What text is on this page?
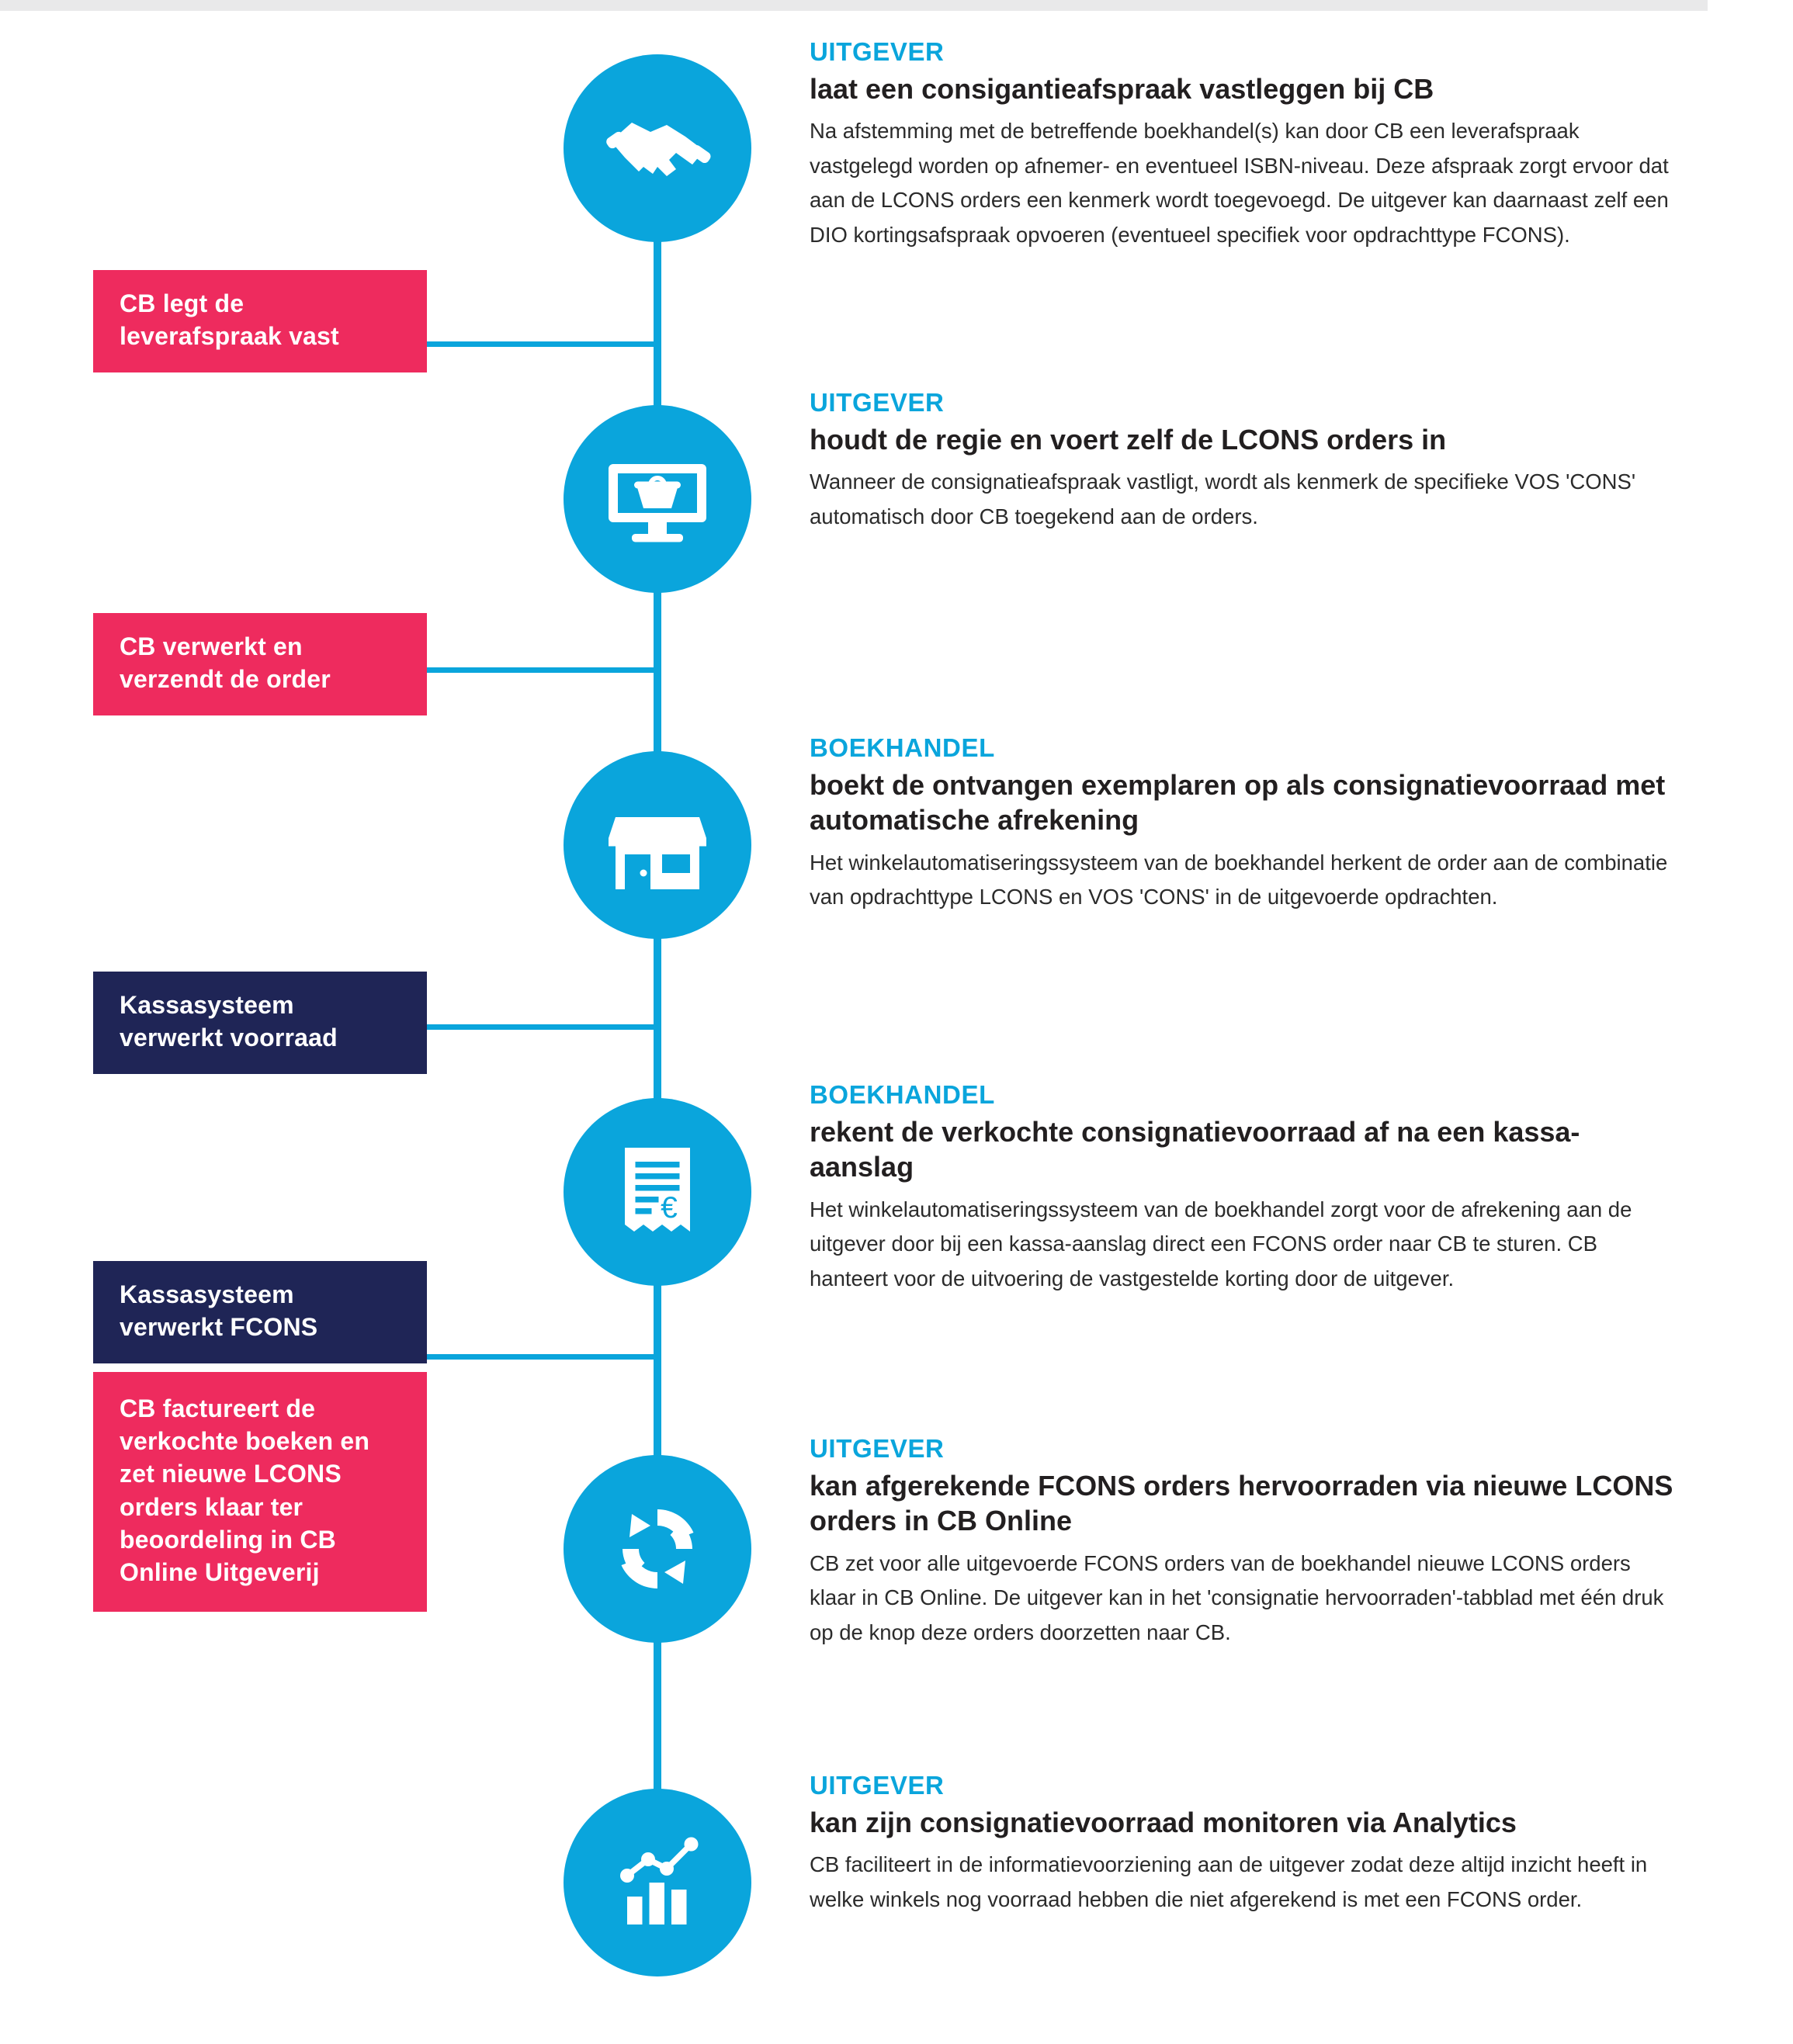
CB legt de leverafspraak vast
CB verwerkt en verzendt de order
Kassasysteem verwerkt voorraad
Kassasysteem verwerkt FCONS
CB factureert de verkochte boeken en zet nieuwe LCONS orders klaar ter beoordeling in CB Online Uitgeverij

UITGEVER

laat een consigantieafspraak vastleggen bij CB

Na afstemming met de betreffende boekhandel(s) kan door CB een leverafspraak vastgelegd worden op afnemer- en eventueel ISBN-niveau. Deze afspraak zorgt ervoor dat aan de LCONS orders een kenmerk wordt toegevoegd. De uitgever kan daarnaast zelf een DIO kortingsafspraak opvoeren (eventueel specifiek voor opdrachttype FCONS).

UITGEVER

houdt de regie en voert zelf de LCONS orders in

Wanneer de consignatieafspraak vastligt, wordt als kenmerk de specifieke VOS 'CONS' automatisch door CB toegekend aan de orders.

BOEKHANDEL

boekt de ontvangen exemplaren op als consignatievoorraad met automatische afrekening

Het winkelautomatiseringssysteem van de boekhandel herkent de order aan de combinatie van opdrachttype LCONS en VOS 'CONS' in de uitgevoerde opdrachten.

€

BOEKHANDEL

rekent de verkochte consignatievoorraad af na een kassa-aanslag

Het winkelautomatiseringssysteem van de boekhandel zorgt voor de afrekening aan de uitgever door bij een kassa-aanslag direct een FCONS order naar CB te sturen. CB hanteert voor de uitvoering de vastgestelde korting door de uitgever.

UITGEVER

kan afgerekende FCONS orders hervoorraden via nieuwe LCONS orders in CB Online

CB zet voor alle uitgevoerde FCONS orders van de boekhandel nieuwe LCONS orders klaar in CB Online. De uitgever kan in het 'consignatie hervoorraden'-tabblad met één druk op de knop deze orders doorzetten naar CB.

UITGEVER

kan zijn consignatievoorraad monitoren via Analytics

CB faciliteert in de informatievoorziening aan de uitgever zodat deze altijd inzicht heeft in welke winkels nog voorraad hebben die niet afgerekend is met een FCONS order.
